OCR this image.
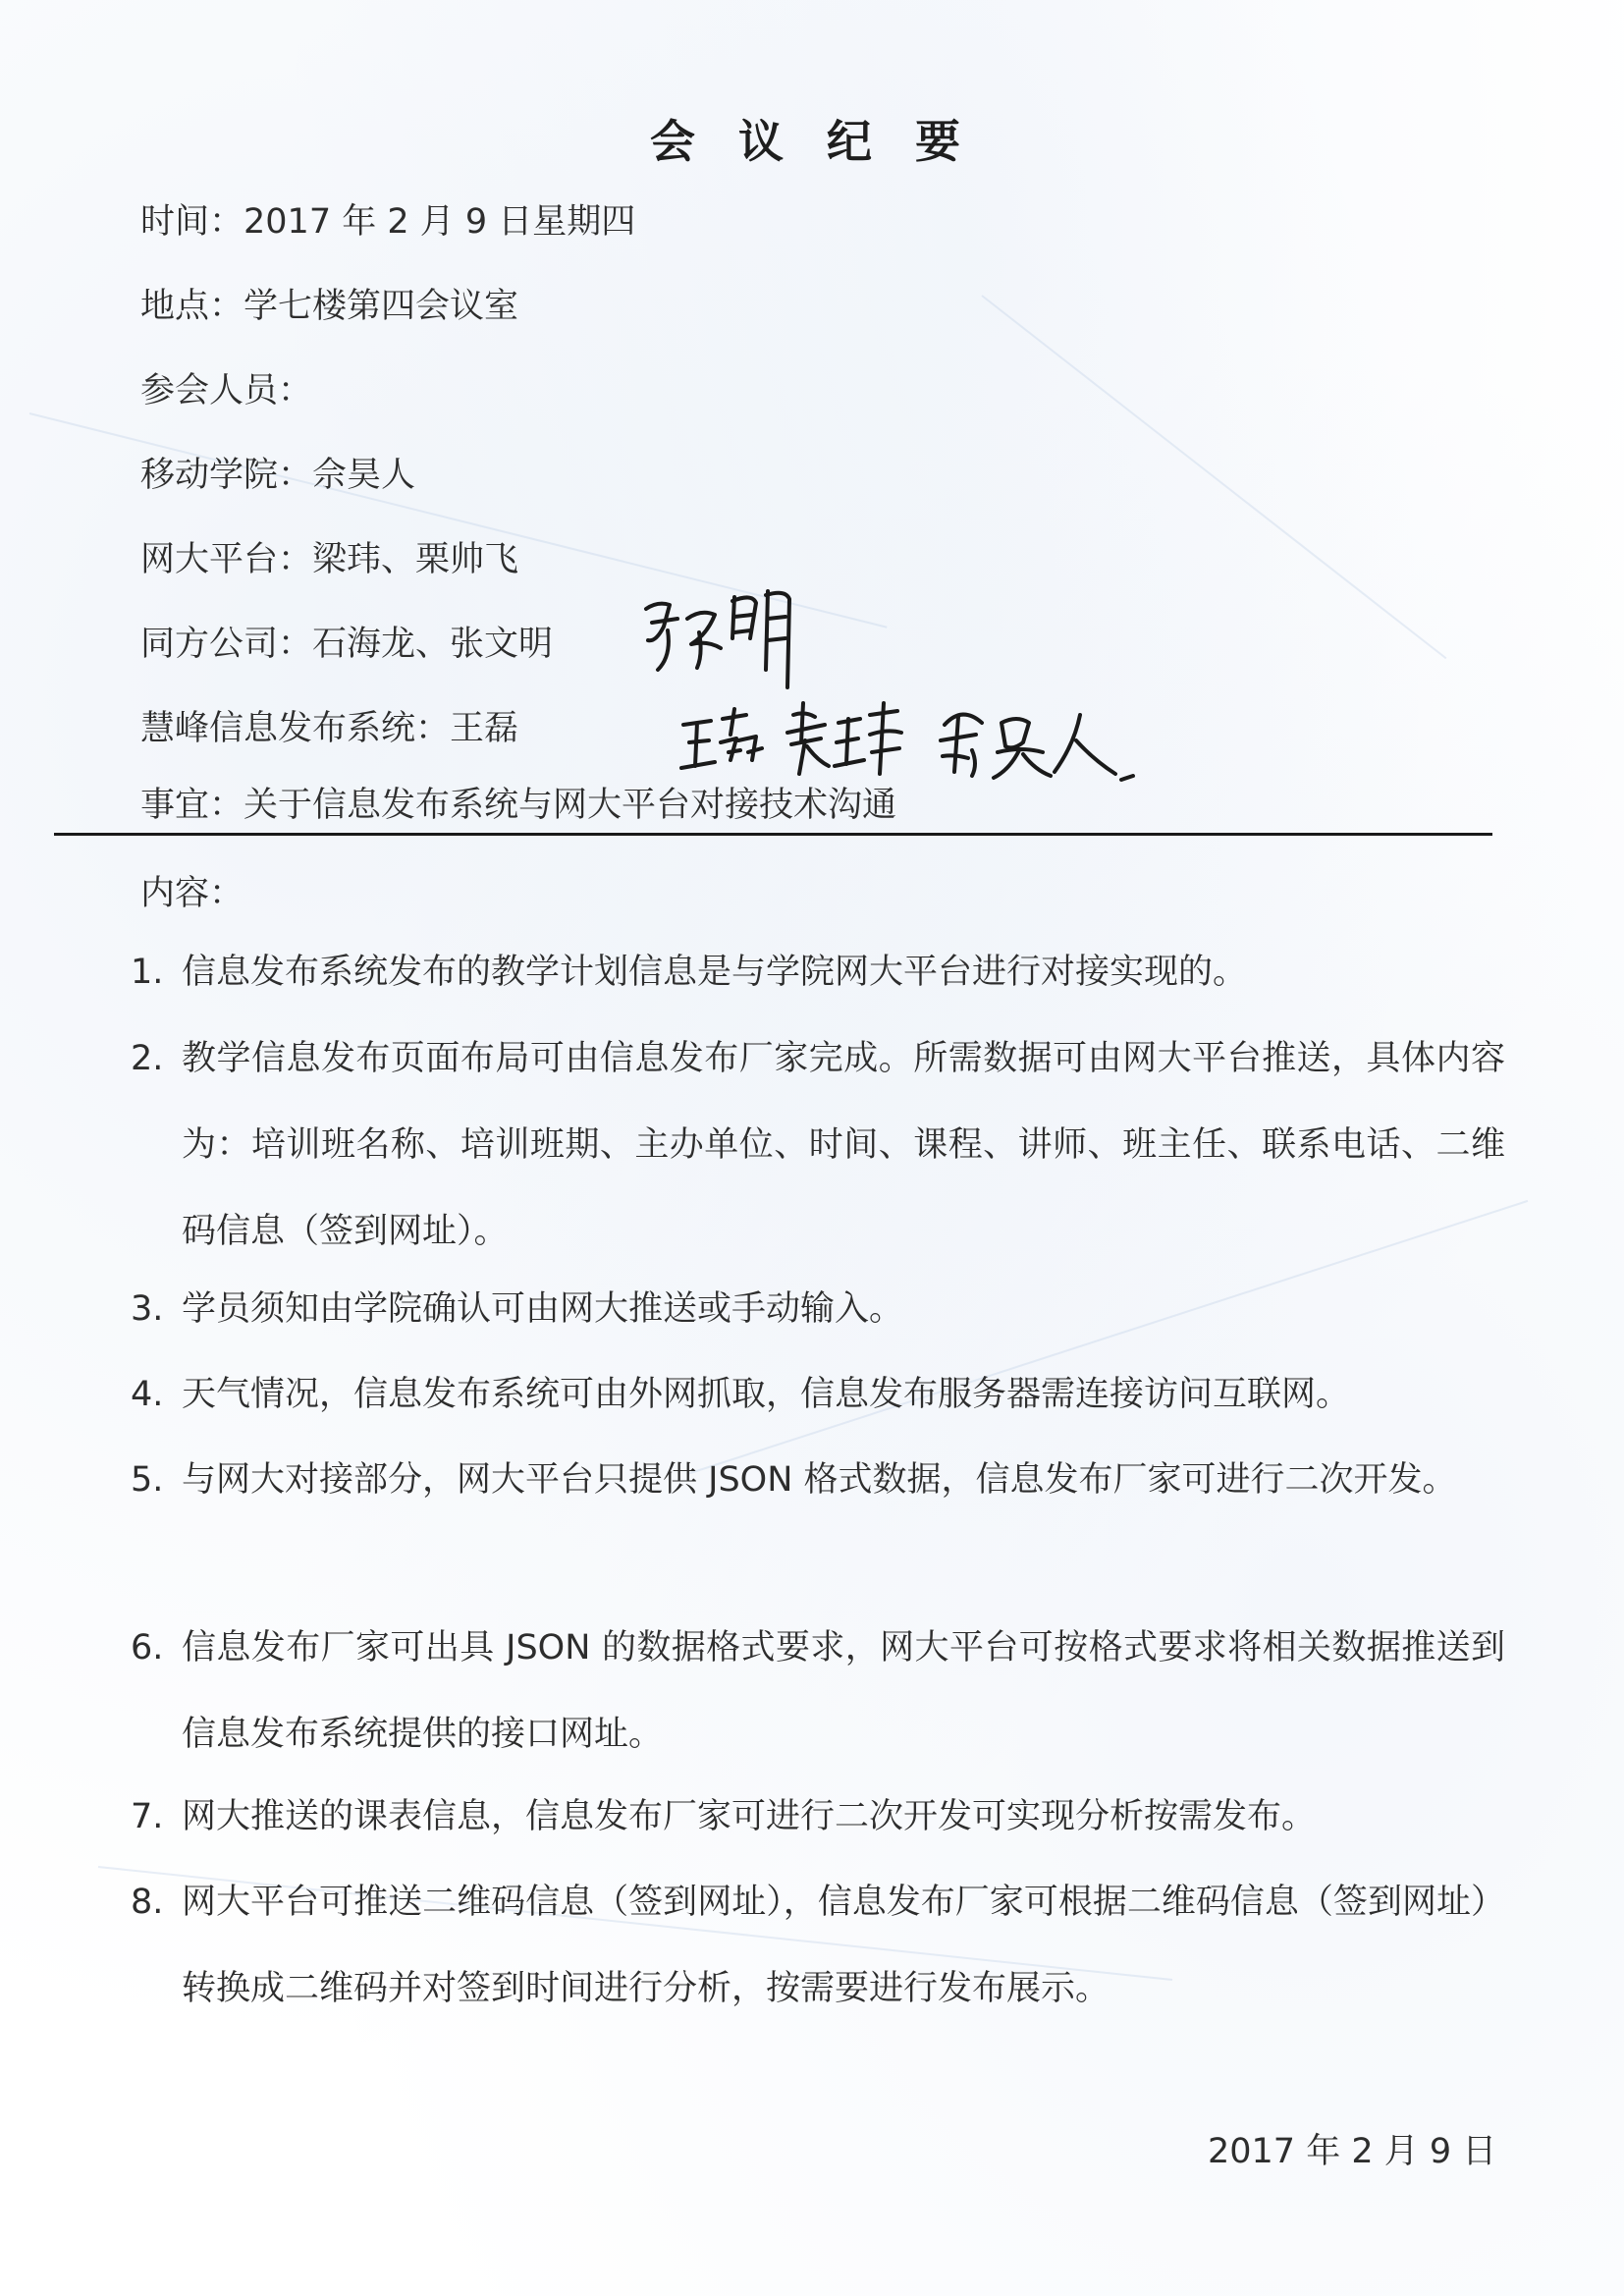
会 议 纪 要
时间：2017 年 2 月 9 日星期四
地点：学七楼第四会议室
参会人员：
移动学院：佘昊人
网大平台：梁玮、栗帅飞
同方公司：石海龙、张文明
慧峰信息发布系统：王磊
事宜：关于信息发布系统与网大平台对接技术沟通
内容：
1. 信息发布系统发布的教学计划信息是与学院网大平台进行对接实现的。
2. 教学信息发布页面布局可由信息发布厂家完成。所需数据可由网大平台推送，具体内容为：培训班名称、培训班期、主办单位、时间、课程、讲师、班主任、联系电话、二维码信息（签到网址）。
3. 学员须知由学院确认可由网大推送或手动输入。
4. 天气情况，信息发布系统可由外网抓取，信息发布服务器需连接访问互联网。
5. 与网大对接部分，网大平台只提供 JSON 格式数据，信息发布厂家可进行二次开发。
6. 信息发布厂家可出具 JSON 的数据格式要求，网大平台可按格式要求将相关数据推送到信息发布系统提供的接口网址。
7. 网大推送的课表信息，信息发布厂家可进行二次开发可实现分析按需发布。
8. 网大平台可推送二维码信息（签到网址），信息发布厂家可根据二维码信息（签到网址）转换成二维码并对签到时间进行分析，按需要进行发布展示。
2017 年 2 月 9 日
